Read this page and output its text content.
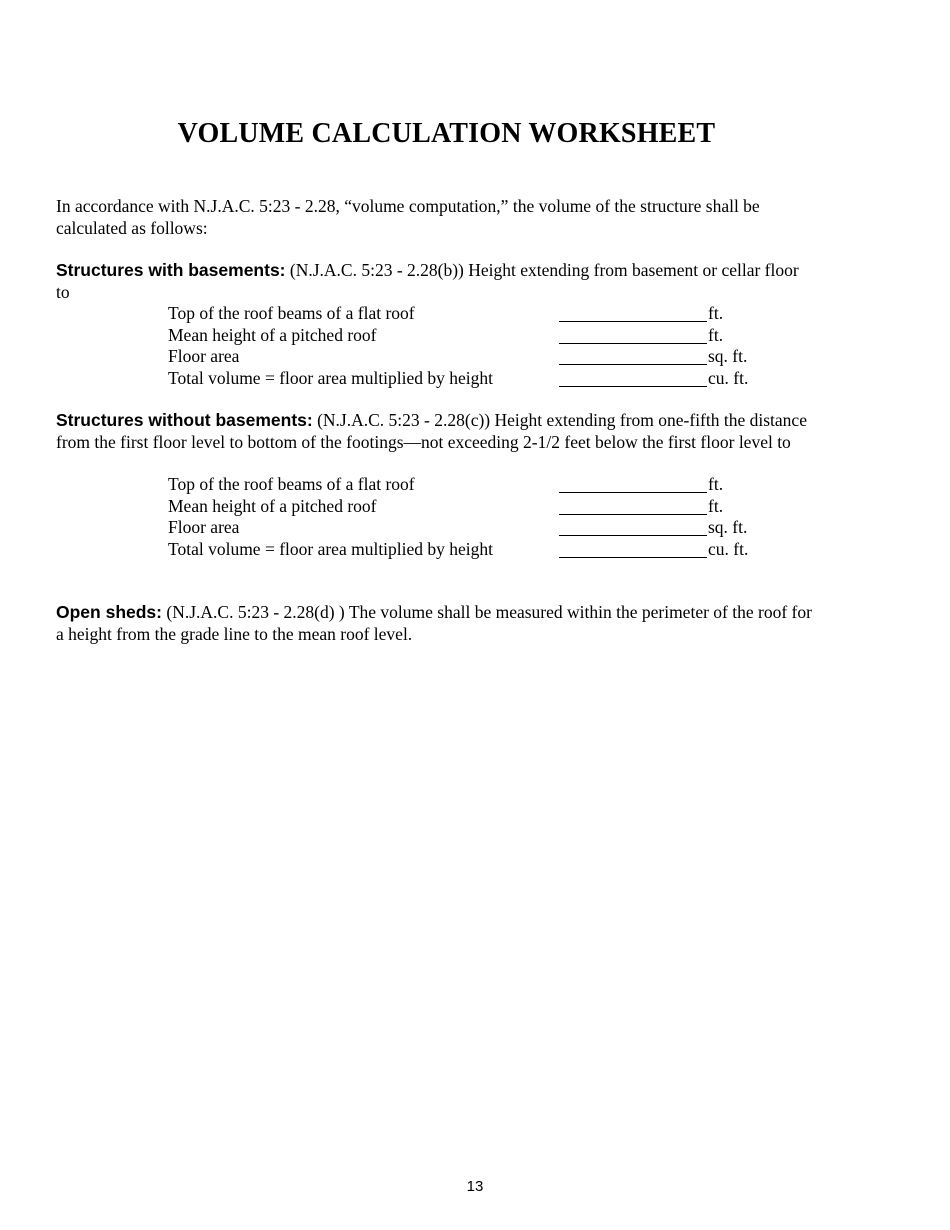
VOLUME CALCULATION WORKSHEET

In accordance with N.J.A.C. 5:23 - 2.28, “volume computation,” the volume of the structure shall be calculated as follows:

Structures with basements: (N.J.A.C. 5:23 - 2.28(b)) Height extending from basement or cellar floor to

Top of the roof beams of a flat roof	ft.
Mean height of a pitched roof	ft.
Floor area	sq. ft.
Total volume = floor area multiplied by height	cu. ft.

Structures without basements: (N.J.A.C. 5:23 - 2.28(c)) Height extending from one-fifth the distance from the first floor level to bottom of the footings—not exceeding 2-1/2 feet below the first floor level to

Top of the roof beams of a flat roof	ft.
Mean height of a pitched roof	ft.
Floor area	sq. ft.
Total volume = floor area multiplied by height	cu. ft.

Open sheds: (N.J.A.C. 5:23 - 2.28(d) ) The volume shall be measured within the perimeter of the roof for a height from the grade line to the mean roof level.

13
